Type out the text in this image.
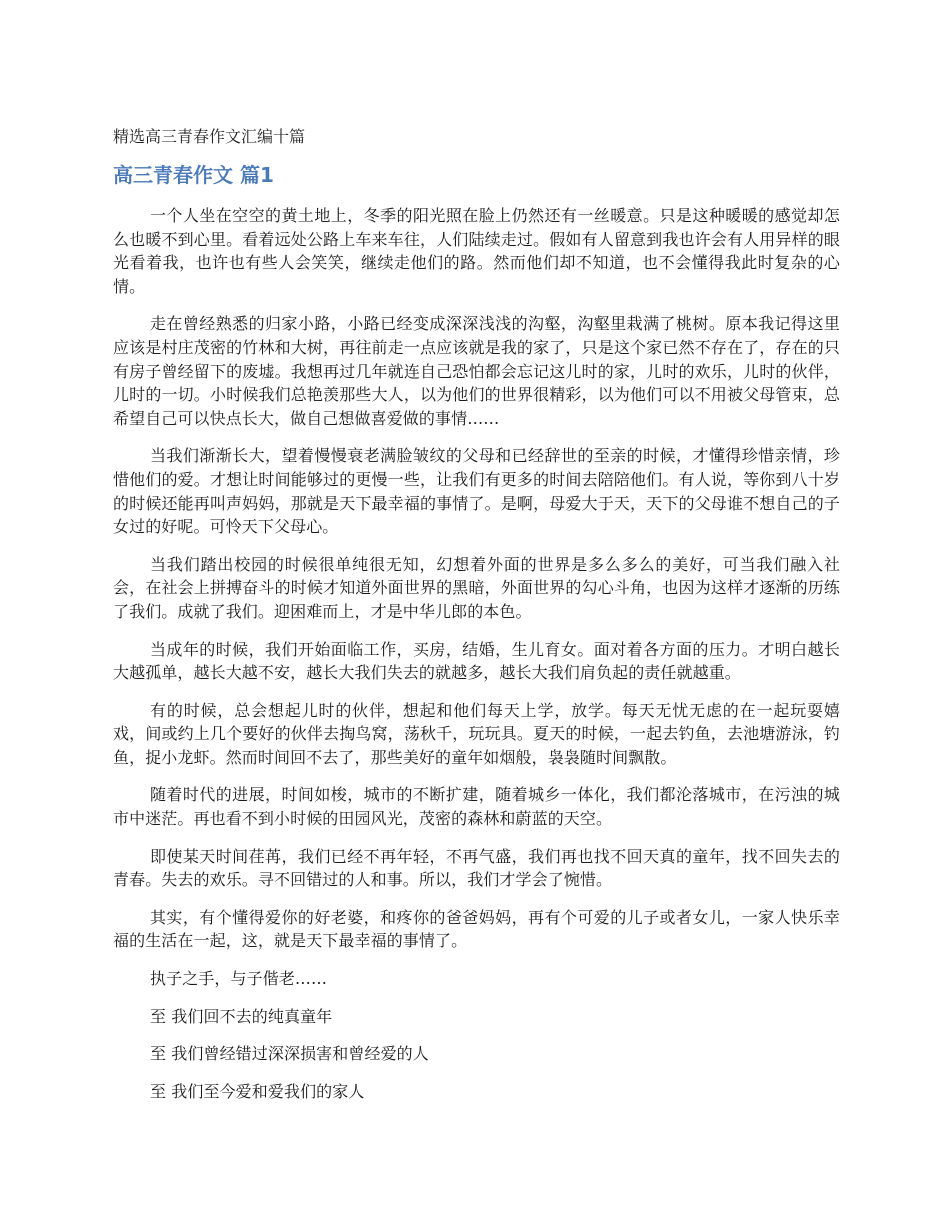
精选高三青春作文汇编十篇
高三青春作文 篇1

一个人坐在空空的黄土地上，冬季的阳光照在脸上仍然还有一丝暖意。只是这种暖暖的感觉却怎么也暖不到心里。看着远处公路上车来车往，人们陆续走过。假如有人留意到我也许会有人用异样的眼光看着我，也许也有些人会笑笑，继续走他们的路。然而他们却不知道，也不会懂得我此时复杂的心情。

走在曾经熟悉的归家小路，小路已经变成深深浅浅的沟壑，沟壑里栽满了桃树。原本我记得这里应该是村庄茂密的竹林和大树，再往前走一点应该就是我的家了，只是这个家已然不存在了，存在的只有房子曾经留下的废墟。我想再过几年就连自己恐怕都会忘记这儿时的家，儿时的欢乐，儿时的伙伴，儿时的一切。小时候我们总艳羡那些大人，以为他们的世界很精彩，以为他们可以不用被父母管束，总希望自己可以快点长大，做自己想做喜爱做的事情……

当我们渐渐长大，望着慢慢衰老满脸皱纹的父母和已经辞世的至亲的时候，才懂得珍惜亲情，珍惜他们的爱。才想让时间能够过的更慢一些，让我们有更多的时间去陪陪他们。有人说，等你到八十岁的时候还能再叫声妈妈，那就是天下最幸福的事情了。是啊，母爱大于天，天下的父母谁不想自己的子女过的好呢。可怜天下父母心。

当我们踏出校园的时候很单纯很无知，幻想着外面的世界是多么多么的美好，可当我们融入社会，在社会上拼搏奋斗的时候才知道外面世界的黑暗，外面世界的勾心斗角，也因为这样才逐渐的历练了我们。成就了我们。迎困难而上，才是中华儿郎的本色。

当成年的时候，我们开始面临工作，买房，结婚，生儿育女。面对着各方面的压力。才明白越长大越孤单，越长大越不安，越长大我们失去的就越多，越长大我们肩负起的责任就越重。

有的时候，总会想起儿时的伙伴，想起和他们每天上学，放学。每天无忧无虑的在一起玩耍嬉戏，间或约上几个要好的伙伴去掏鸟窝，荡秋千，玩玩具。夏天的时候，一起去钓鱼，去池塘游泳，钓鱼，捉小龙虾。然而时间回不去了，那些美好的童年如烟般，袅袅随时间飘散。

随着时代的进展，时间如梭，城市的不断扩建，随着城乡一体化，我们都沦落城市，在污浊的城市中迷茫。再也看不到小时候的田园风光，茂密的森林和蔚蓝的天空。

即使某天时间荏苒，我们已经不再年轻，不再气盛，我们再也找不回天真的童年，找不回失去的青春。失去的欢乐。寻不回错过的人和事。所以，我们才学会了惋惜。

其实，有个懂得爱你的好老婆，和疼你的爸爸妈妈，再有个可爱的儿子或者女儿，一家人快乐幸福的生活在一起，这，就是天下最幸福的事情了。

执子之手，与子偕老……

至 我们回不去的纯真童年

至 我们曾经错过深深损害和曾经爱的人

至 我们至今爱和爱我们的家人
